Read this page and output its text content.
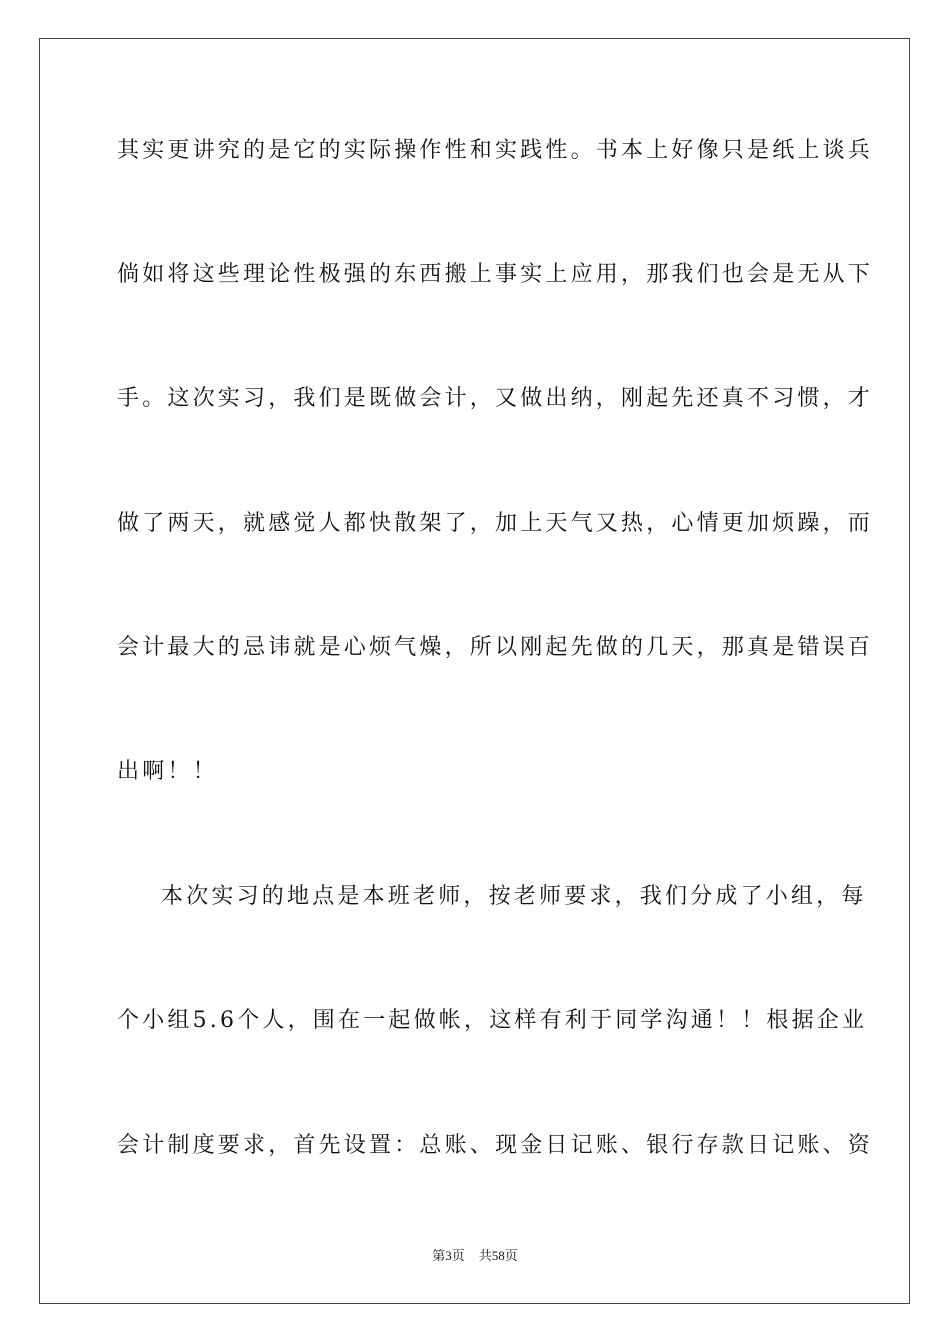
其实更讲究的是它的实际操作性和实践性。书本上好像只是纸上谈兵
倘如将这些理论性极强的东西搬上事实上应用，那我们也会是无从下
手。这次实习，我们是既做会计，又做出纳，刚起先还真不习惯，才
做了两天，就感觉人都快散架了，加上天气又热，心情更加烦躁，而
会计最大的忌讳就是心烦气燥，所以刚起先做的几天，那真是错误百
出啊！！
本次实习的地点是本班老师，按老师要求，我们分成了小组，每
个小组5.6个人，围在一起做帐，这样有利于同学沟通！！根据企业
会计制度要求，首先设置：总账、现金日记账、银行存款日记账、资
第3页 共58页
